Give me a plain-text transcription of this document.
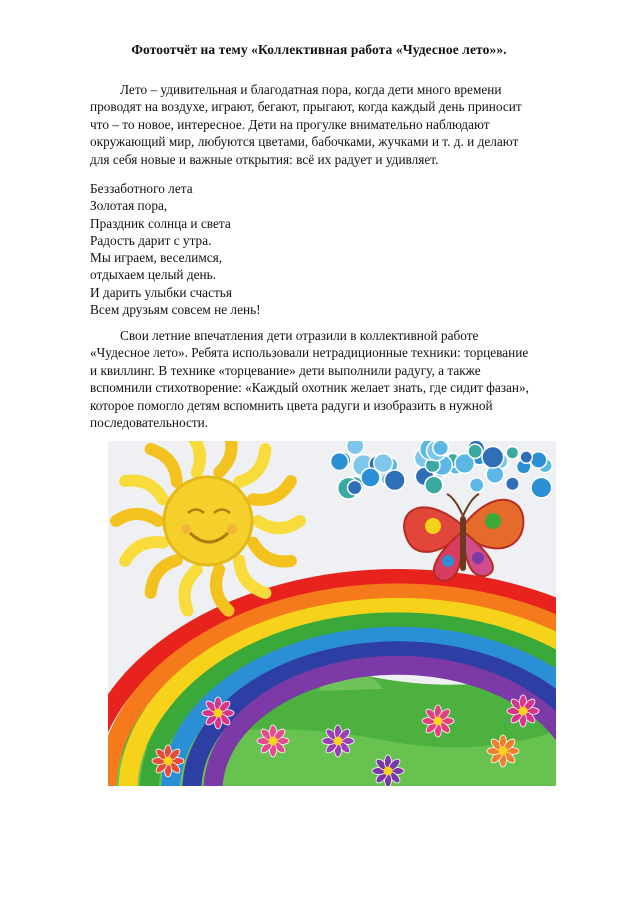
Фотоотчёт на тему «Коллективная работа «Чудесное лето»».
Лето – удивительная и благодатная пора, когда дети много времени
проводят на воздухе, играют, бегают, прыгают, когда каждый день приносит
что – то новое, интересное. Дети на прогулке внимательно наблюдают
окружающий мир, любуются цветами, бабочками, жучками и т. д. и делают
для себя новые и важные открытия: всё их радует и удивляет.
Беззаботного лета
Золотая пора,
Праздник солнца и света
Радость дарит с утра.
Мы играем, веселимся,
отдыхаем целый день.
И дарить улыбки счастья
Всем друзьям совсем не лень!
Свои летние впечатления дети отразили в коллективной работе
«Чудесное лето». Ребята использовали нетрадиционные техники: торцевание
и квиллинг. В технике «торцевание» дети выполнили радугу, а также
вспомнили стихотворение: «Каждый охотник желает знать, где сидит фазан»,
которое помогло детям вспомнить цвета радуги и изобразить в нужной
последовательности.
